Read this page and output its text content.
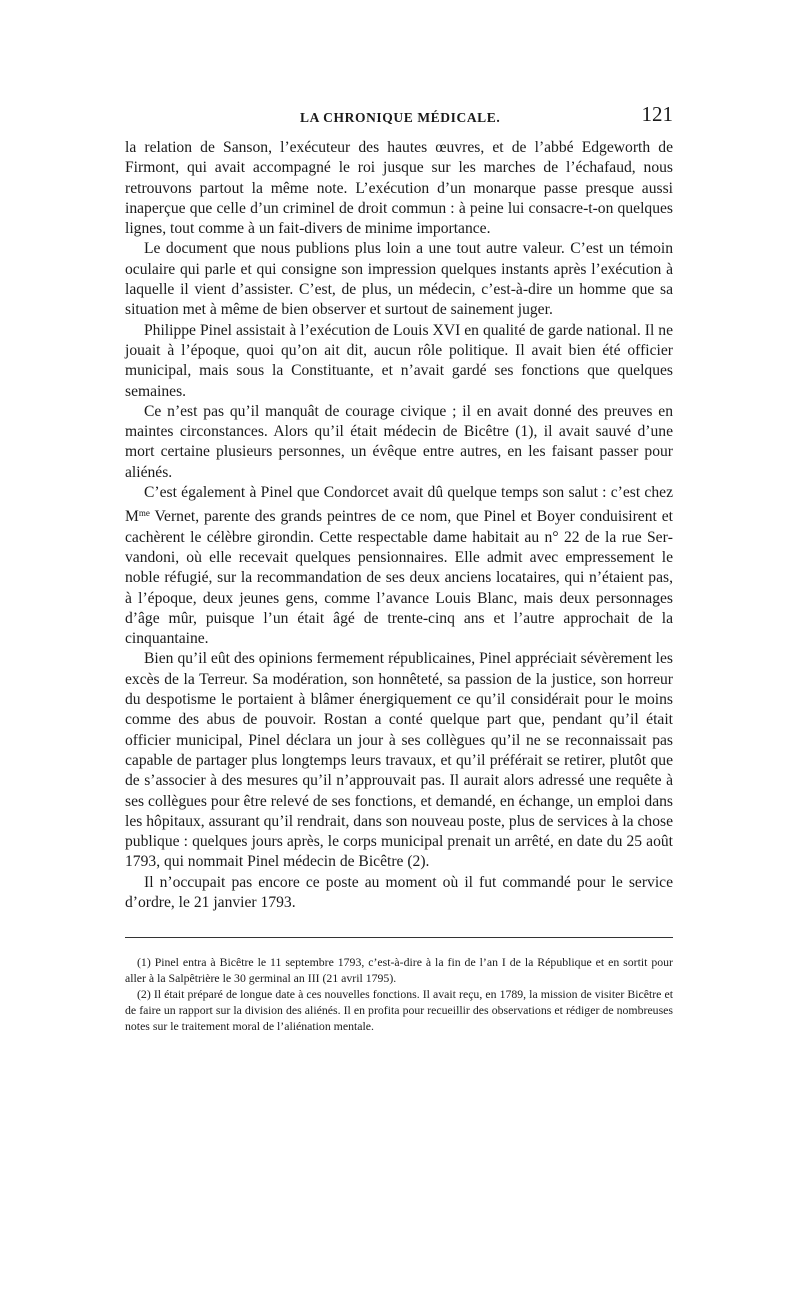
LA CHRONIQUE MÉDICALE.	121

la relation de Sanson, l’exécuteur des hautes œuvres, et de l’abbé Edgeworth de Firmont, qui avait accompagné le roi jusque sur les marches de l’échafaud, nous retrouvons partout la même note. L’exécution d’un monarque passe presque aussi inaperçue que celle d’un criminel de droit commun : à peine lui consacre-t-on quelques lignes, tout comme à un fait-divers de minime importance.

Le document que nous publions plus loin a une tout autre valeur. C’est un témoin oculaire qui parle et qui consigne son impression quelques instants après l’exécution à laquelle il vient d’assister. C’est, de plus, un médecin, c’est-à-dire un homme que sa situation met à même de bien observer et surtout de sainement juger.

Philippe Pinel assistait à l’exécution de Louis XVI en qualité de garde national. Il ne jouait à l’époque, quoi qu’on ait dit, aucun rôle politique. Il avait bien été officier municipal, mais sous la Constituante, et n’avait gardé ses fonctions que quelques semaines.

Ce n’est pas qu’il manquât de courage civique ; il en avait donné des preuves en maintes circonstances. Alors qu’il était médecin de Bicêtre (1), il avait sauvé d’une mort certaine plusieurs personnes, un évêque entre autres, en les faisant passer pour aliénés.

C’est également à Pinel que Condorcet avait dû quelque temps son salut : c’est chez $M^{me}$ Vernet, parente des grands peintres de ce nom, que Pinel et Boyer conduisirent et cachèrent le célèbre girondin. Cette respectable dame habitait au n° 22 de la rue Servandoni, où elle recevait quelques pensionnaires. Elle admit avec empressement le noble réfugié, sur la recommandation de ses deux anciens locataires, qui n’étaient pas, à l’époque, deux jeunes gens, comme l’avance Louis Blanc, mais deux personnages d’âge mûr, puisque l’un était âgé de trente-cinq ans et l’autre approchait de la cinquantaine.

Bien qu’il eût des opinions fermement républicaines, Pinel appréciait sévèrement les excès de la Terreur. Sa modération, son honnêteté, sa passion de la justice, son horreur du despotisme le portaient à blâmer énergiquement ce qu’il considérait pour le moins comme des abus de pouvoir. Rostan a conté quelque part que, pendant qu’il était officier municipal, Pinel déclara un jour à ses collègues qu’il ne se reconnaissait pas capable de partager plus longtemps leurs travaux, et qu’il préférait se retirer, plutôt que de s’associer à des mesures qu’il n’approuvait pas. Il aurait alors adressé une requête à ses collègues pour être relevé de ses fonctions, et demandé, en échange, un emploi dans les hôpitaux, assurant qu’il rendrait, dans son nouveau poste, plus de services à la chose publique : quelques jours après, le corps municipal prenait un arrêté, en date du 25 août 1793, qui nommait Pinel médecin de Bicêtre (2).

Il n’occupait pas encore ce poste au moment où il fut commandé pour le service d’ordre, le 21 janvier 1793.

(1) Pinel entra à Bicêtre le 11 septembre 1793, c’est-à-dire à la fin de l’an I de la République et en sortit pour aller à la Salpêtrière le 30 germinal an III (21 avril 1795).

(2) Il était préparé de longue date à ces nouvelles fonctions. Il avait reçu, en 1789, la mission de visiter Bicêtre et de faire un rapport sur la division des aliénés. Il en profita pour recueillir des observations et rédiger de nombreuses notes sur le traitement moral de l’aliénation mentale.
